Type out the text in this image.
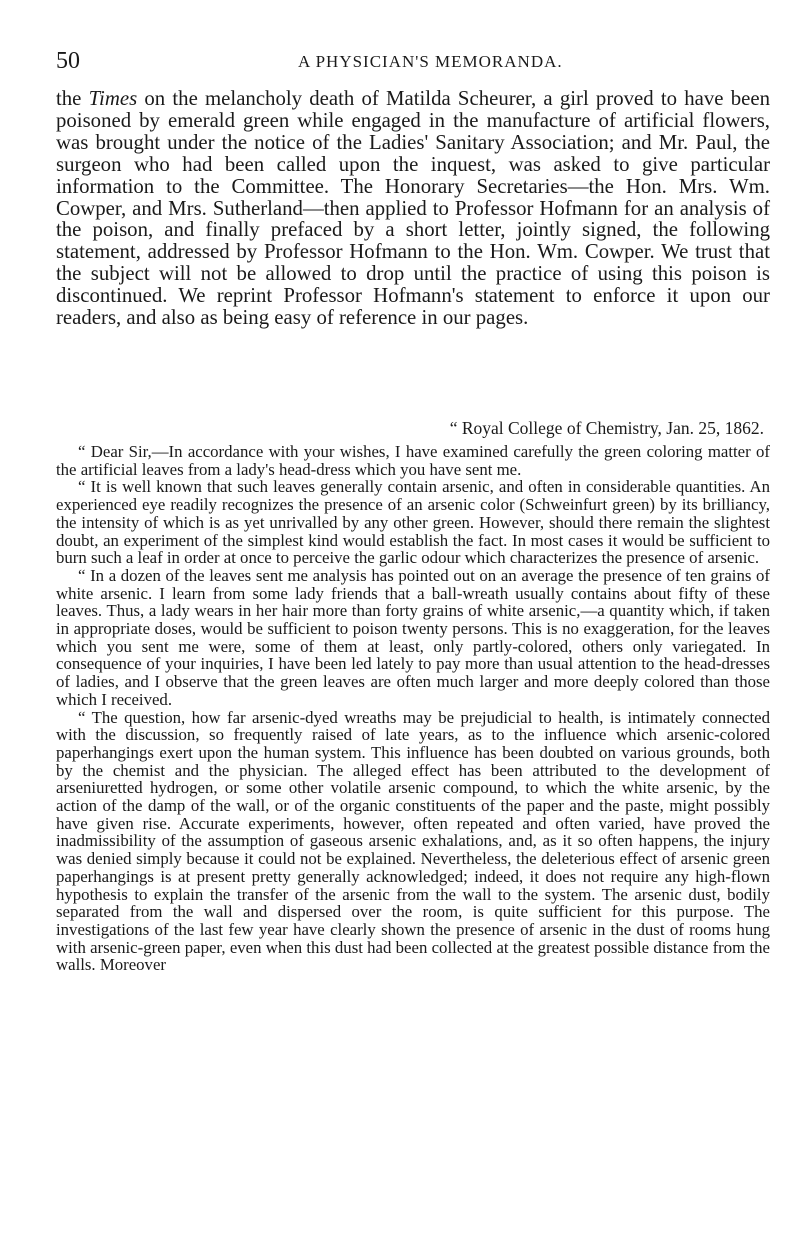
50	A PHYSICIAN'S MEMORANDA.

the Times on the melancholy death of Matilda Scheurer, a girl proved to have been poisoned by emerald green while engaged in the manufacture of artificial flowers, was brought under the notice of the Ladies' Sanitary Association; and Mr. Paul, the surgeon who had been called upon the inquest, was asked to give particular information to the Committee. The Honorary Secretaries—the Hon. Mrs. Wm. Cowper, and Mrs. Sutherland—then applied to Professor Hofmann for an analysis of the poison, and finally prefaced by a short letter, jointly signed, the following statement, addressed by Professor Hofmann to the Hon. Wm. Cowper. We trust that the subject will not be allowed to drop until the practice of using this poison is discontinued. We reprint Professor Hofmann's statement to enforce it upon our readers, and also as being easy of reference in our pages.

“ Royal College of Chemistry, Jan. 25, 1862.

“ Dear Sir,—In accordance with your wishes, I have examined carefully the green coloring matter of the artificial leaves from a lady's head-dress which you have sent me.

“ It is well known that such leaves generally contain arsenic, and often in considerable quantities. An experienced eye readily recognizes the presence of an arsenic color (Schweinfurt green) by its brilliancy, the intensity of which is as yet unrivalled by any other green. However, should there remain the slightest doubt, an experiment of the simplest kind would establish the fact. In most cases it would be sufficient to burn such a leaf in order at once to perceive the garlic odour which characterizes the presence of arsenic.

“ In a dozen of the leaves sent me analysis has pointed out on an average the presence of ten grains of white arsenic. I learn from some lady friends that a ball-wreath usually contains about fifty of these leaves. Thus, a lady wears in her hair more than forty grains of white arsenic,—a quantity which, if taken in appropriate doses, would be sufficient to poison twenty persons. This is no exaggeration, for the leaves which you sent me were, some of them at least, only partly-colored, others only variegated. In consequence of your inquiries, I have been led lately to pay more than usual attention to the head-dresses of ladies, and I observe that the green leaves are often much larger and more deeply colored than those which I received.

“ The question, how far arsenic-dyed wreaths may be prejudicial to health, is intimately connected with the discussion, so frequently raised of late years, as to the influence which arsenic-colored paperhangings exert upon the human system. This influence has been doubted on various grounds, both by the chemist and the physician. The alleged effect has been attributed to the development of arseniuretted hydrogen, or some other volatile arsenic compound, to which the white arsenic, by the action of the damp of the wall, or of the organic constituents of the paper and the paste, might possibly have given rise. Accurate experiments, however, often repeated and often varied, have proved the inadmissibility of the assumption of gaseous arsenic exhalations, and, as it so often happens, the injury was denied simply because it could not be explained. Nevertheless, the deleterious effect of arsenic green paperhangings is at present pretty generally acknowledged; indeed, it does not require any high-flown hypothesis to explain the transfer of the arsenic from the wall to the system. The arsenic dust, bodily separated from the wall and dispersed over the room, is quite sufficient for this purpose. The investigations of the last few year have clearly shown the presence of arsenic in the dust of rooms hung with arsenic-green paper, even when this dust had been collected at the greatest possible distance from the walls. Moreover
